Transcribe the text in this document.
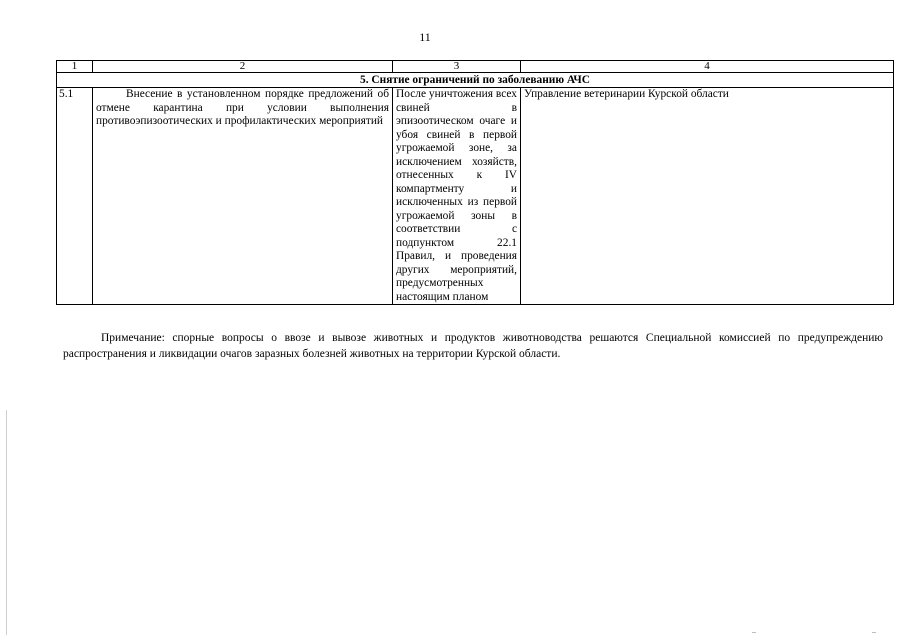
11
1	2	3	4
5. Снятие ограничений по заболеванию АЧС			
5.1	Внесение в установленном порядке предложений об отмене карантина при условии выполнения противоэпизоотических и профилактических мероприятий	После уничтожения всех свиней в эпизоотическом очаге и убоя свиней в первой угрожаемой зоне, за исключением хозяйств, отнесенных к IV компартменту и исключенных из первой угрожаемой зоны в соответствии с подпунктом 22.1 Правил, и проведения других мероприятий, предусмотренных настоящим планом	Управление ветеринарии Курской области
Примечание: спорные вопросы о ввозе и вывозе животных и продуктов животноводства решаются Специальной комиссией по предупреждению распространения и ликвидации очагов заразных болезней животных на территории Курской области.
